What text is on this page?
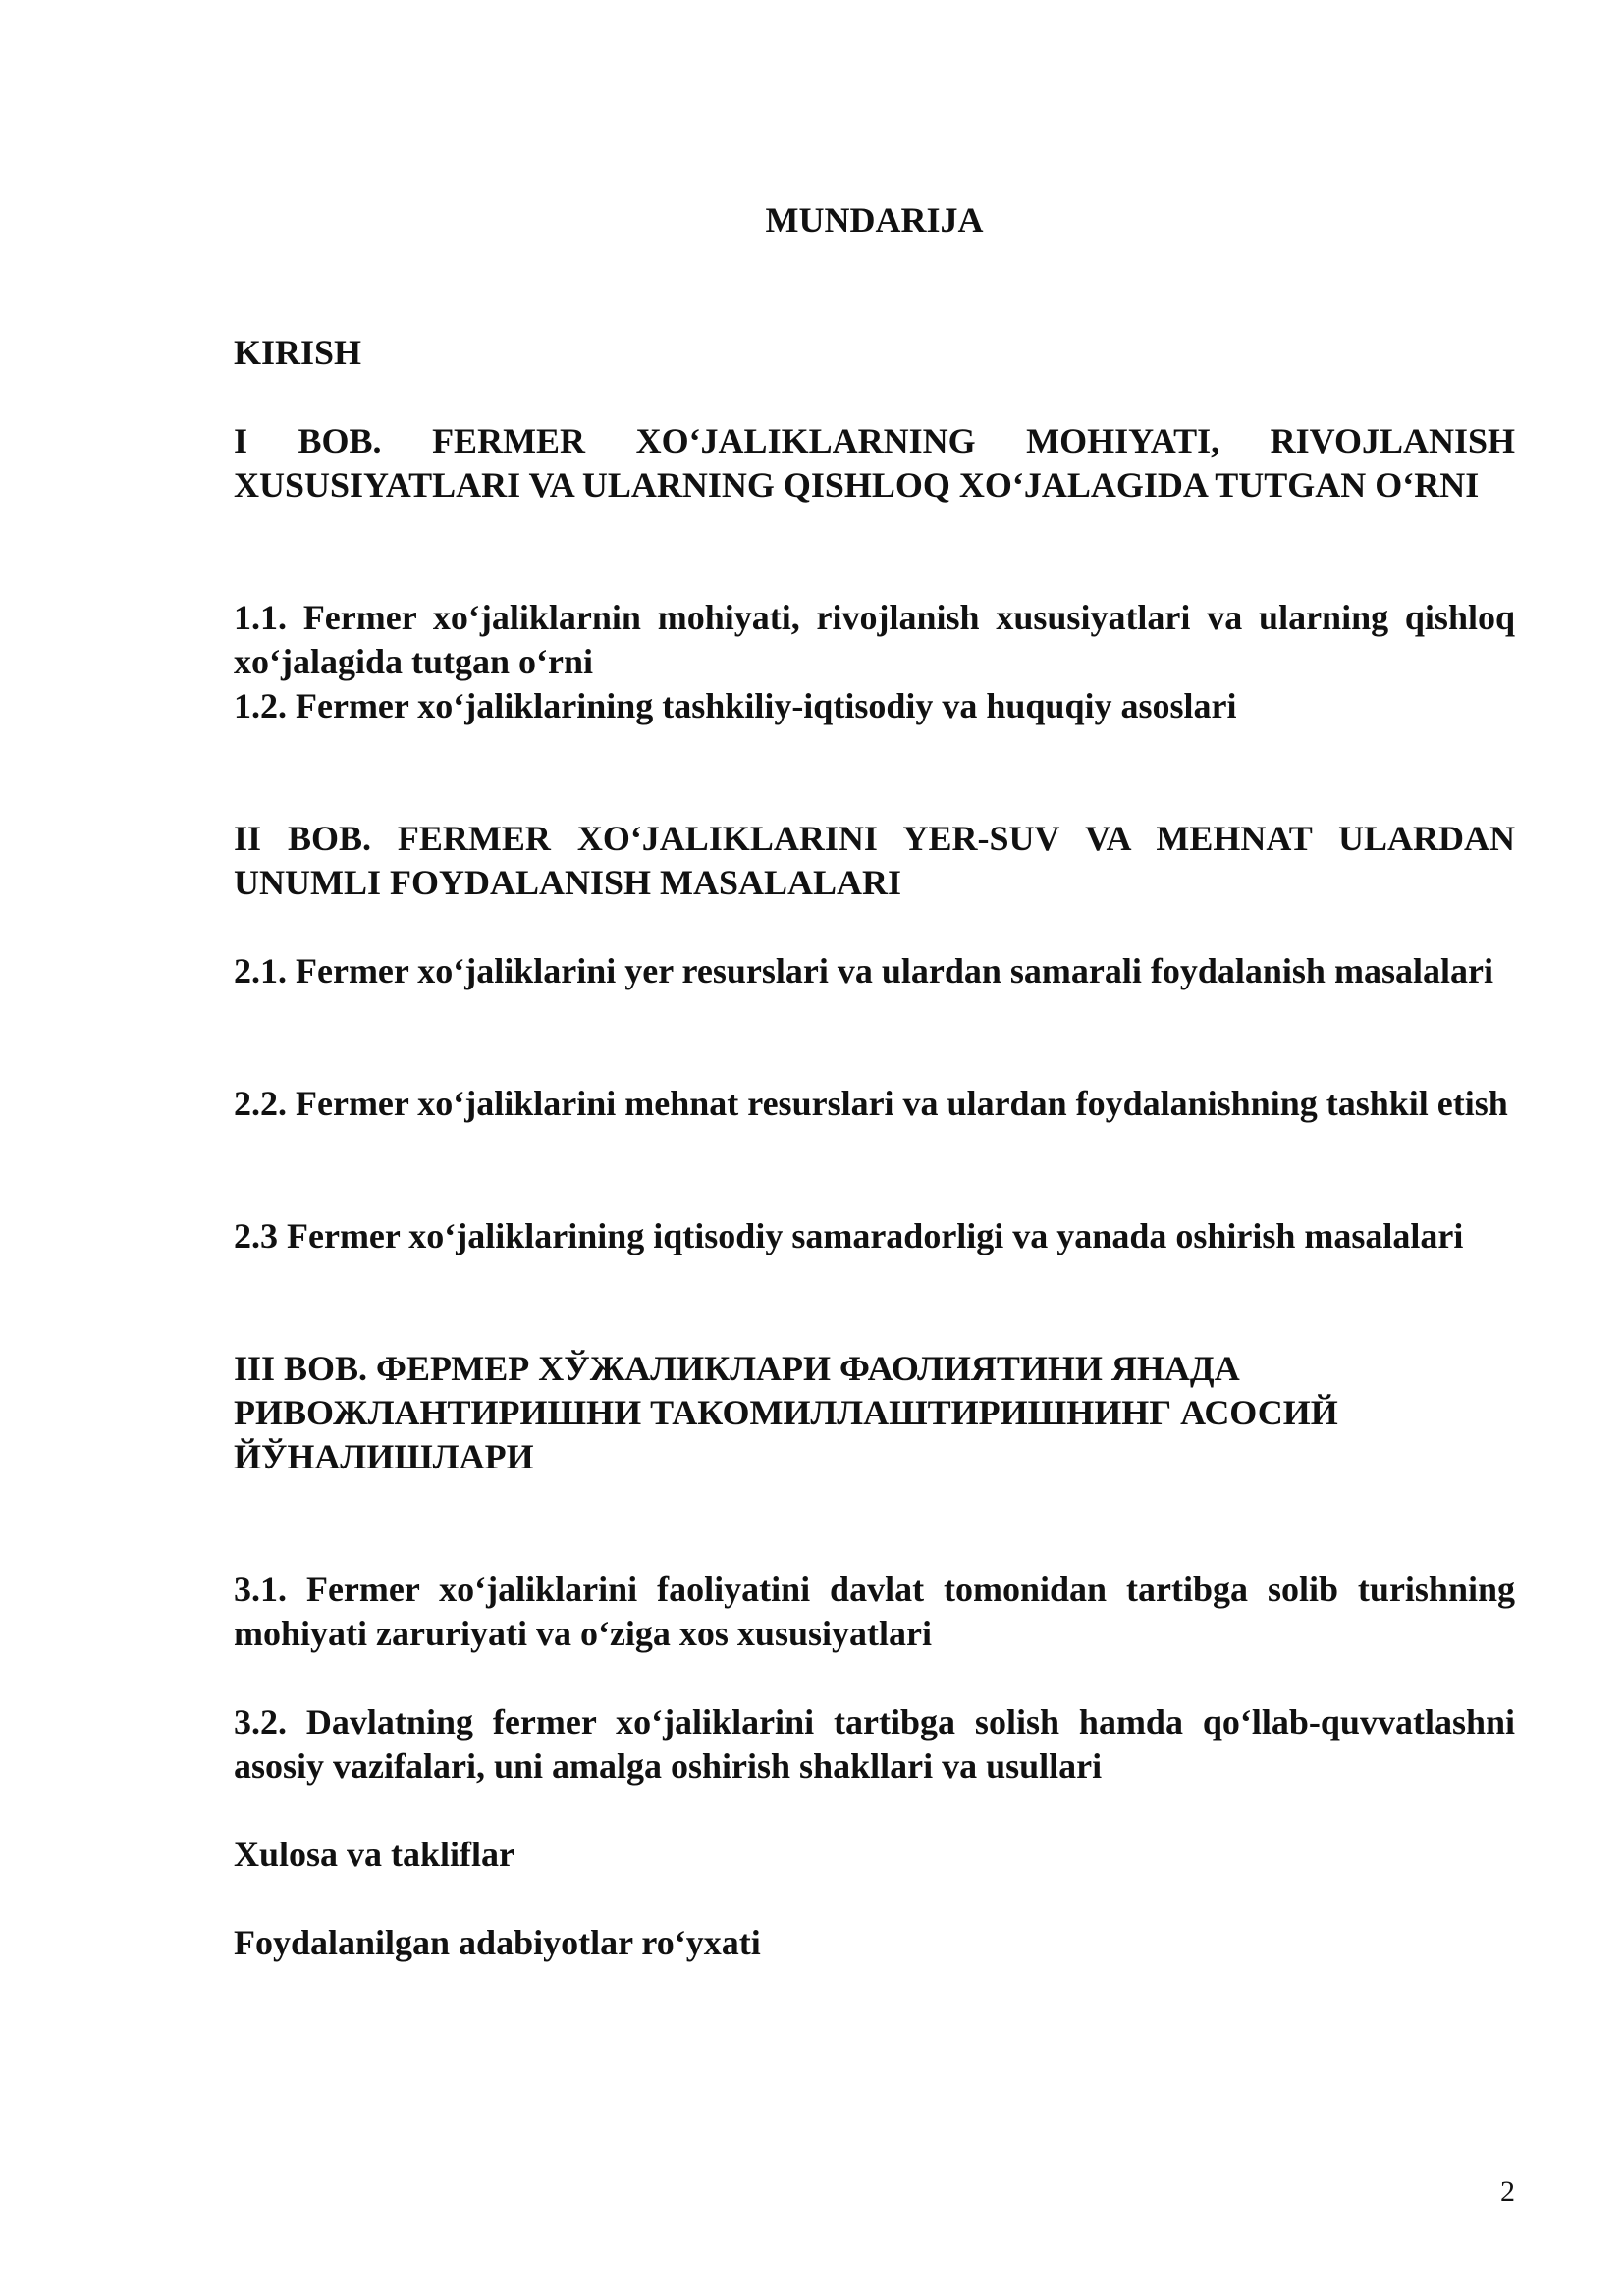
MUNDARIJA
KIRISH
I BOB. FERMER XO‘JALIKLARNING MOHIYATI, RIVOJLANISH XUSUSIYATLARI VA ULARNING QISHLOQ XO‘JALAGIDA TUTGAN O‘RNI
1.1. Fermer xo‘jaliklarnin mohiyati, rivojlanish xususiyatlari va ularning qishloq xo‘jalagida tutgan o‘rni
1.2. Fermer xo‘jaliklarining tashkiliy-iqtisodiy va huquqiy asoslari
II BOB. FERMER XO‘JALIKLARINI YER-SUV VA MEHNAT ULARDAN UNUMLI FOYDALANISH MASALALARI
2.1. Fermer xo‘jaliklarini yer resurslari va ulardan samarali foydalanish masalalari
2.2. Fermer xo‘jaliklarini mehnat resurslari va ulardan foydalanishning tashkil etish
2.3 Fermer xo‘jaliklarining iqtisodiy samaradorligi va yanada oshirish masalalari
III BOB. ФЕРМЕР ХЎЖАЛИКЛАРИ ФАОЛИЯТИНИ ЯНАДА РИВОЖЛАНТИРИШНИ ТАКОМИЛЛАШТИРИШНИНГ АСОСИЙ ЙЎНАЛИШЛАРИ
3.1. Fermer xo‘jaliklarini faoliyatini davlat tomonidan tartibga solib turishning mohiyati zaruriyati va o‘ziga xos xususiyatlari
3.2. Davlatning fermer xo‘jaliklarini tartibga solish hamda qo‘llab-quvvatlashni asosiy vazifalari, uni amalga oshirish shakllari va usullari
Xulosa va takliflar
Foydalanilgan adabiyotlar ro‘yxati
2
